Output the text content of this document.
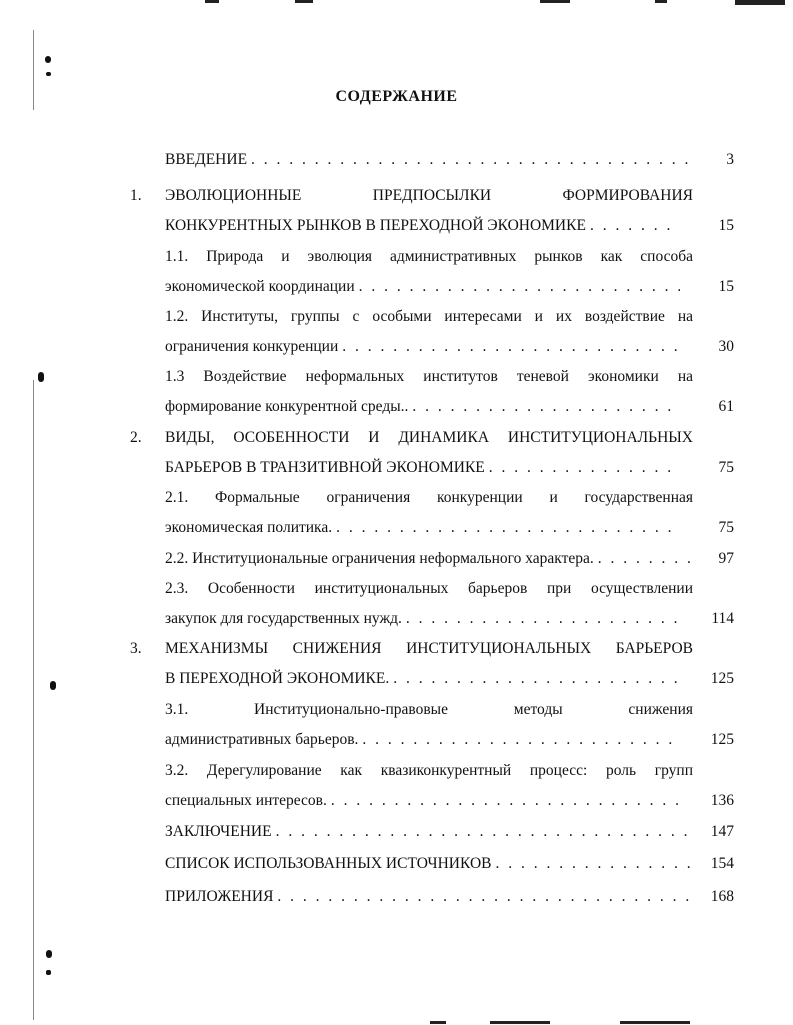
СОДЕРЖАНИЕ
ВВЕДЕНИЕ . . .	3
1. ЭВОЛЮЦИОННЫЕ ПРЕДПОСЫЛКИ ФОРМИРОВАНИЯ
КОНКУРЕНТНЫХ РЫНКОВ В ПЕРЕХОДНОЙ ЭКОНОМИКЕ . . .	15
1.1. Природа и эволюция административных рынков как способа
экономической координации . . .	15
1.2. Институты, группы с особыми интересами и их воздействие на
ограничения конкуренции . . .	30
1.3 Воздействие неформальных институтов теневой экономики на
формирование конкурентной среды.. . . .	61
2. ВИДЫ, ОСОБЕННОСТИ И ДИНАМИКА ИНСТИТУЦИОНАЛЬНЫХ
БАРЬЕРОВ В ТРАНЗИТИВНОЙ ЭКОНОМИКЕ . . .	75
2.1. Формальные ограничения конкуренции и государственная
экономическая политика. . . .	75
2.2. Институциональные ограничения неформального характера. . . .	97
2.3. Особенности институциональных барьеров при осуществлении
закупок для государственных нужд. . . .	114
3. МЕХАНИЗМЫ СНИЖЕНИЯ ИНСТИТУЦИОНАЛЬНЫХ БАРЬЕРОВ
В ПЕРЕХОДНОЙ ЭКОНОМИКЕ. . . .	125
3.1. Институционально-правовые методы снижения
административных барьеров. . . .	125
3.2. Дерегулирование как квазиконкурентный процесс: роль групп
специальных интересов. . . .	136
ЗАКЛЮЧЕНИЕ . . .	147
СПИСОК ИСПОЛЬЗОВАННЫХ ИСТОЧНИКОВ . . .	154
ПРИЛОЖЕНИЯ . . .	168
